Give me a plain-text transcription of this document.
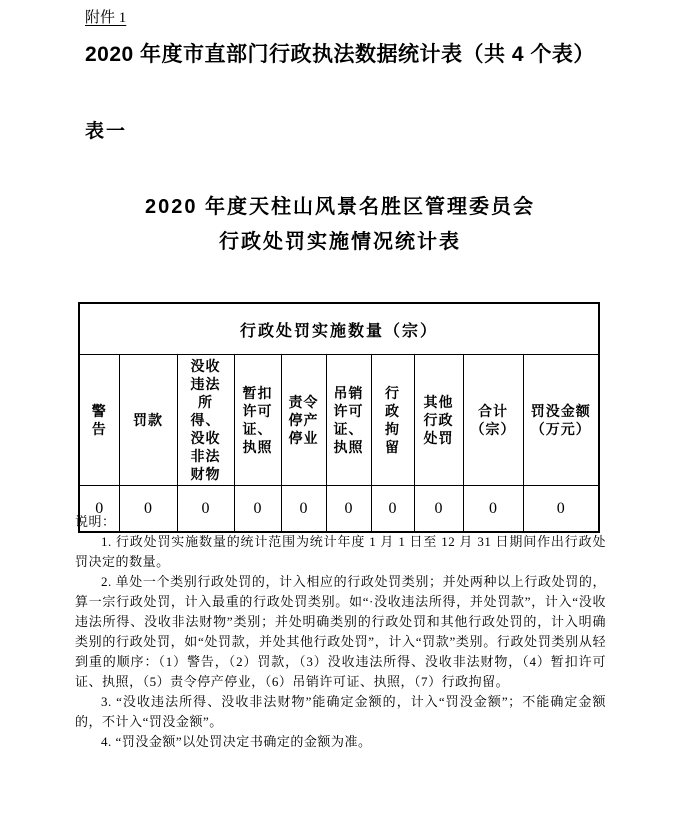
附件 1
2020 年度市直部门行政执法数据统计表（共 4 个表）
表一
2020 年度天柱山风景名胜区管理委员会
行政处罚实施情况统计表
行政处罚实施数量（宗）									
警告	罚款	没收违法所得、没收非法财物	暂扣许可证、执照	责令停产停业	吊销许可证、执照	行政拘留	其他行政处罚	合计（宗）	罚没金额（万元）
0	0	0	0	0	0	0	0	0	0

说明：

1. 行政处罚实施数量的统计范围为统计年度 1 月 1 日至 12 月 31 日期间作出行政处罚决定的数量。

2. 单处一个类别行政处罚的，计入相应的行政处罚类别；并处两种以上行政处罚的，算一宗行政处罚，计入最重的行政处罚类别。如“·没收违法所得，并处罚款”，计入“没收违法所得、没收非法财物”类别；并处明确类别的行政处罚和其他行政处罚的，计入明确类别的行政处罚，如“处罚款，并处其他行政处罚”，计入“罚款”类别。行政处罚类别从轻到重的顺序：（1）警告，（2）罚款，（3）没收违法所得、没收非法财物，（4）暂扣许可证、执照，（5）责令停产停业，（6）吊销许可证、执照，（7）行政拘留。

3. “没收违法所得、没收非法财物”能确定金额的，计入“罚没金额”；不能确定金额的，不计入“罚没金额”。

4. “罚没金额”以处罚决定书确定的金额为准。
